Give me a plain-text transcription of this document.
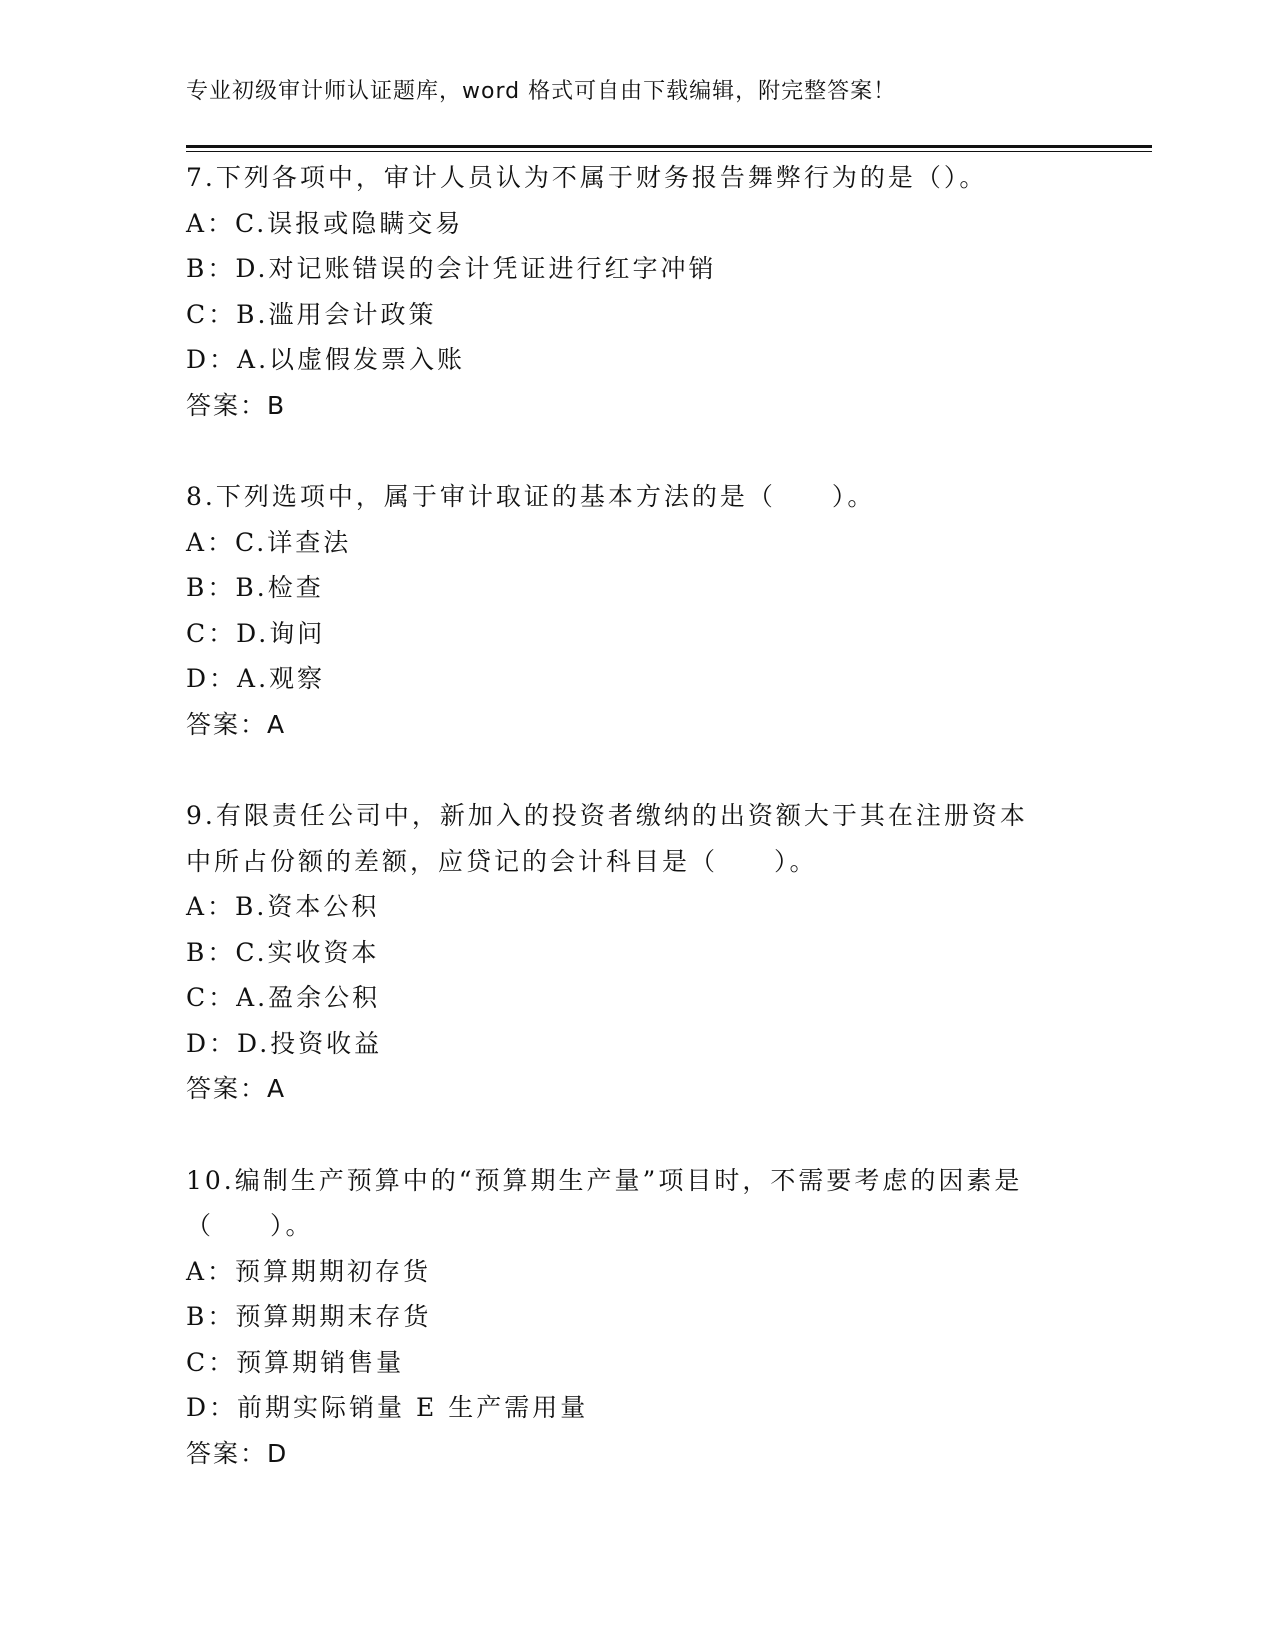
专业初级审计师认证题库，word 格式可自由下载编辑，附完整答案！
7.下列各项中，审计人员认为不属于财务报告舞弊行为的是（）。
A：C.误报或隐瞒交易
B：D.对记账错误的会计凭证进行红字冲销
C：B.滥用会计政策
D：A.以虚假发票入账
答案：B
8.下列选项中，属于审计取证的基本方法的是（　　）。
A：C.详查法
B：B.检查
C：D.询问
D：A.观察
答案：A
9.有限责任公司中，新加入的投资者缴纳的出资额大于其在注册资本
中所占份额的差额，应贷记的会计科目是（　　）。
A：B.资本公积
B：C.实收资本
C：A.盈余公积
D：D.投资收益
答案：A
10.编制生产预算中的“预算期生产量”项目时，不需要考虑的因素是
（　　）。
A：预算期期初存货
B：预算期期末存货
C：预算期销售量
D：前期实际销量 E 生产需用量
答案：D
